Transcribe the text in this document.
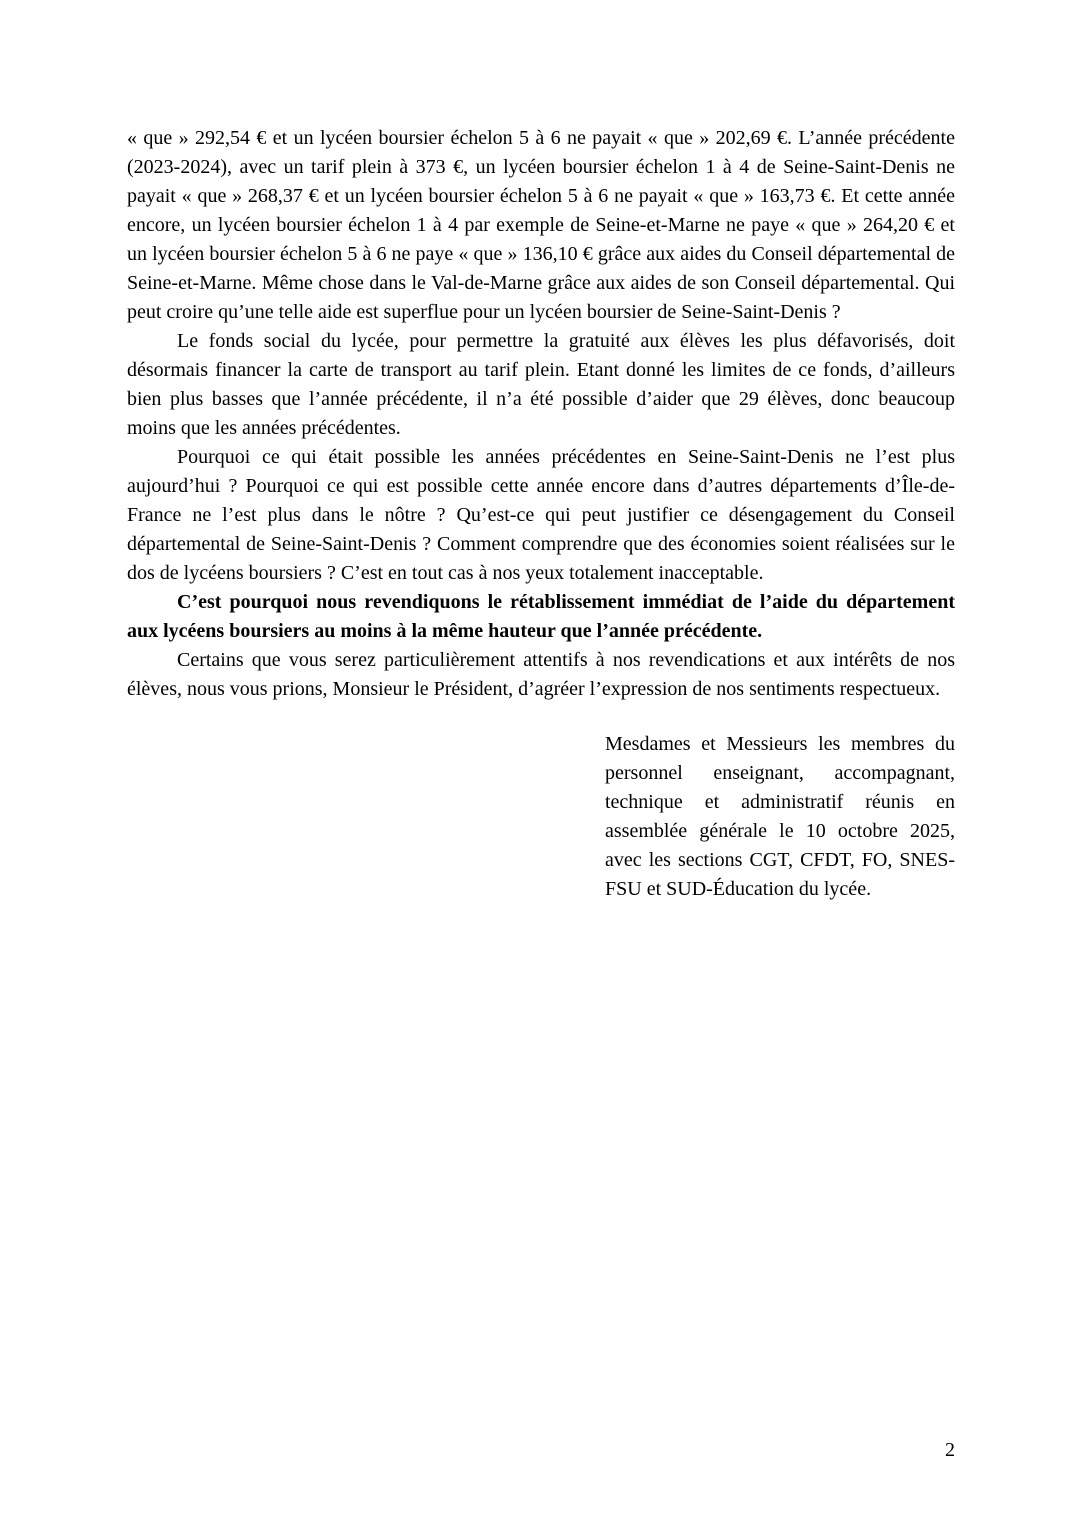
« que » 292,54 € et un lycéen boursier échelon 5 à 6 ne payait « que » 202,69 €. L’année précédente (2023-2024), avec un tarif plein à 373 €, un lycéen boursier échelon 1 à 4 de Seine-Saint-Denis ne payait « que » 268,37 € et un lycéen boursier échelon 5 à 6 ne payait « que » 163,73 €. Et cette année encore, un lycéen boursier échelon 1 à 4 par exemple de Seine-et-Marne ne paye « que » 264,20 € et un lycéen boursier échelon 5 à 6 ne paye « que » 136,10 € grâce aux aides du Conseil départemental de Seine-et-Marne. Même chose dans le Val-de-Marne grâce aux aides de son Conseil départemental. Qui peut croire qu’une telle aide est superflue pour un lycéen boursier de Seine-Saint-Denis ?

Le fonds social du lycée, pour permettre la gratuité aux élèves les plus défavorisés, doit désormais financer la carte de transport au tarif plein. Etant donné les limites de ce fonds, d’ailleurs bien plus basses que l’année précédente, il n’a été possible d’aider que 29 élèves, donc beaucoup moins que les années précédentes.

Pourquoi ce qui était possible les années précédentes en Seine-Saint-Denis ne l’est plus aujourd’hui ? Pourquoi ce qui est possible cette année encore dans d’autres départements d’Île-de-France ne l’est plus dans le nôtre ? Qu’est-ce qui peut justifier ce désengagement du Conseil départemental de Seine-Saint-Denis ? Comment comprendre que des économies soient réalisées sur le dos de lycéens boursiers ? C’est en tout cas à nos yeux totalement inacceptable.

C’est pourquoi nous revendiquons le rétablissement immédiat de l’aide du département aux lycéens boursiers au moins à la même hauteur que l’année précédente.

Certains que vous serez particulièrement attentifs à nos revendications et aux intérêts de nos élèves, nous vous prions, Monsieur le Président, d’agréer l’expression de nos sentiments respectueux.

Mesdames et Messieurs les membres du personnel enseignant, accompagnant, technique et administratif réunis en assemblée générale le 10 octobre 2025, avec les sections CGT, CFDT, FO, SNES-FSU et SUD-Éducation du lycée.
2
